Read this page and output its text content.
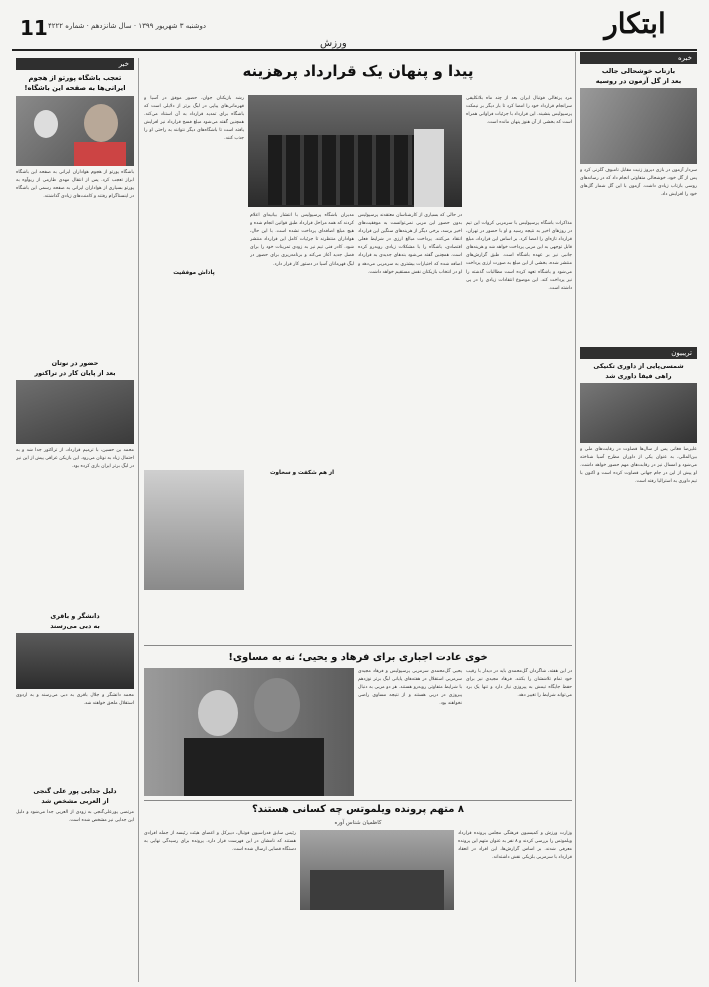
11 دوشنبه ۳ شهریور ۱۳۹۹ · سال شانزدهم · شماره ۴۲۲۲
ورزش
ابتکار
خبر
تعجب باشگاه پورتو از هجوم ایرانی‌ها به صفحه این باشگاه!
باشگاه پورتو از هجوم هواداران ایرانی به صفحه این باشگاه ابراز تعجب کرد. پس از انتقال مهدی طارمی از ریوآوه به پورتو بسیاری از هواداران ایرانی به صفحه رسمی این باشگاه در اینستاگرام رفتند و کامنت‌های زیادی گذاشتند.
حضور در نوتان
بعد از پایان کار در تراکتور
محمد بن حسین، با ترمیم قرارداد، از تراکتور جدا شد و به احتمال زیاد به نوتان می‌رود. این بازیکن عراقی پیش از این نیز در لیگ برتر ایران بازی کرده بود.
دانشگر و باقری
به دبی می‌رسند
محمد دانشگر و جلال باقری به دبی می‌رسند و به اردوی استقلال ملحق خواهند شد.
دلیل جدایی پور علی گنجی
از العربی مشخص شد
مرتضی پورعلی‌گنجی به زودی از العربی جدا می‌شود و دلیل این جدایی نیز مشخص شده است.
خبره
بازتاب خوشحالی جالب
بعد از گل آزمون در روسیه
سردار آزمون در بازی دیروز زنیت مقابل تامبوف گلزنی کرد و پس از گل خود، خوشحالی متفاوتی انجام داد که در رسانه‌های روسی بازتاب زیادی داشت. آزمون با این گل شمار گل‌های خود را افزایش داد.
تریبیون
شمسی‌پایی از داوری تکنیکی
راهی فیفا داوری شد
علیرضا فغانی پس از سال‌ها قضاوت در رقابت‌های ملی و بین‌المللی، به عنوان یکی از داوران مطرح آسیا شناخته می‌شود و امسال نیز در رقابت‌های مهم حضور خواهد داشت. او پیش از این در جام جهانی قضاوت کرده است و اکنون با تیم داوری به استرالیا رفته است.
پیدا و پنهان یک قرارداد پرهزینه
مرد پرتغالی فوتبال ایران بعد از چند ماه بلاتکلیفی سرانجام قرارداد خود را امضا کرد تا بار دیگر بر نیمکت پرسپولیس بنشیند. این قرارداد با جزئیات فراوانی همراه است که بخشی از آن هنوز پنهان مانده است.
مذاکرات باشگاه پرسپولیس با سرمربی کروات این تیم در روزهای اخیر به نتیجه رسید و او با حضور در تهران، قرارداد تازه‌ای را امضا کرد. بر اساس این قرارداد، مبلغ قابل توجهی به این مربی پرداخت خواهد شد و هزینه‌های جانبی نیز بر عهده باشگاه است. طبق گزارش‌های منتشر شده، بخشی از این مبلغ به صورت ارزی پرداخت می‌شود و باشگاه تعهد کرده است مطالبات گذشته را نیز پرداخت کند. این موضوع انتقادات زیادی را در پی داشته است.
در حالی که بسیاری از کارشناسان معتقدند پرسپولیس بدون حضور این مربی نمی‌توانست به موفقیت‌های اخیر برسد، برخی دیگر از هزینه‌های سنگین این قرارداد انتقاد می‌کنند. پرداخت مبالغ ارزی در شرایط فعلی اقتصادی، باشگاه را با مشکلات زیادی روبه‌رو کرده است. همچنین گفته می‌شود بندهای جدیدی به قرارداد اضافه شده که اختیارات بیشتری به سرمربی می‌دهد و او در انتخاب بازیکنان نقش مستقیم خواهد داشت.
مدیران باشگاه پرسپولیس با انتشار بیانیه‌ای اعلام کردند که همه مراحل قرارداد طبق قوانین انجام شده و هیچ مبلغ اضافه‌ای پرداخت نشده است. با این حال، هواداران منتظرند تا جزئیات کامل این قرارداد منتشر شود. کادر فنی تیم نیز به زودی تمرینات خود را برای فصل جدید آغاز می‌کند و برنامه‌ریزی برای حضور در لیگ قهرمانان آسیا در دستور کار قرار دارد.
رشد بازیکنان جوان، حضور موفق در آسیا و قهرمانی‌های پیاپی در لیگ برتر از دلایلی است که باشگاه برای تمدید قرارداد به آن استناد می‌کند. همچنین گفته می‌شود مبلغ فسخ قرارداد نیز افزایش یافته است تا باشگاه‌های دیگر نتوانند به راحتی او را جذب کنند.
پاداش موفقیت
از هم شکفت و سخاوت
خوی عادت اجباری برای فرهاد و یحیی؛ نه به مساوی!
یحیی گل‌محمدی سرمربی پرسپولیس و فرهاد مجیدی سرمربی استقلال در هفته‌های پایانی لیگ برتر نوزدهم با شرایط متفاوتی روبه‌رو هستند. هر دو مربی به دنبال پیروزی در دربی هستند و از نتیجه مساوی راضی نخواهند بود.
در این هفته، شاگردان گل‌محمدی باید در دیدار با رقیب خود تمام تلاششان را بکنند. فرهاد مجیدی نیز برای حفظ جایگاه تیمش به پیروزی نیاز دارد و تنها یک برد می‌تواند شرایط را تغییر دهد.
۸ متهم پرونده ویلموتس چه کسانی هستند؟
کاظمیان شناس آوره
وزارت ورزش و کمیسیون فرهنگی مجلس پرونده قرارداد ویلموتس را بررسی کردند و ۸ نفر به عنوان متهم این پرونده معرفی شدند. بر اساس گزارش‌ها، این افراد در انعقاد قرارداد با سرمربی بلژیکی نقش داشته‌اند.
رئیس سابق فدراسیون فوتبال، دبیرکل و اعضای هیئت رئیسه از جمله افرادی هستند که نامشان در این فهرست قرار دارد. پرونده برای رسیدگی نهایی به دستگاه قضایی ارسال شده است.
